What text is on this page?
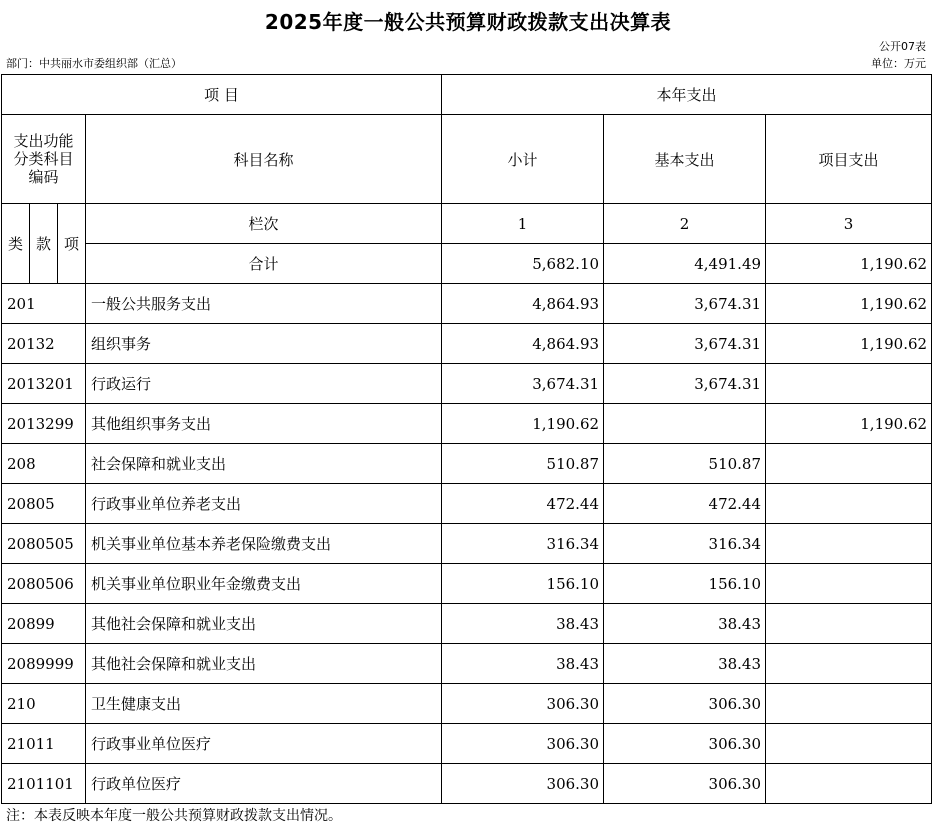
2025年度一般公共预算财政拨款支出决算表
公开07表
部门：中共丽水市委组织部（汇总）	单位：万元
项 目				本年支出		
支出功能分类科目编码			科目名称	小计	基本支出	项目支出
类	款	项	栏次	1	2	3
			合计	5,682.10	4,491.49	1,190.62
201			一般公共服务支出	4,864.93	3,674.31	1,190.62
20132			组织事务	4,864.93	3,674.31	1,190.62
2013201			行政运行	3,674.31	3,674.31	
2013299			其他组织事务支出	1,190.62		1,190.62
208			社会保障和就业支出	510.87	510.87	
20805			行政事业单位养老支出	472.44	472.44	
2080505			机关事业单位基本养老保险缴费支出	316.34	316.34	
2080506			机关事业单位职业年金缴费支出	156.10	156.10	
20899			其他社会保障和就业支出	38.43	38.43	
2089999			其他社会保障和就业支出	38.43	38.43	
210			卫生健康支出	306.30	306.30	
21011			行政事业单位医疗	306.30	306.30	
2101101			行政单位医疗	306.30	306.30	
注：本表反映本年度一般公共预算财政拨款支出情况。
